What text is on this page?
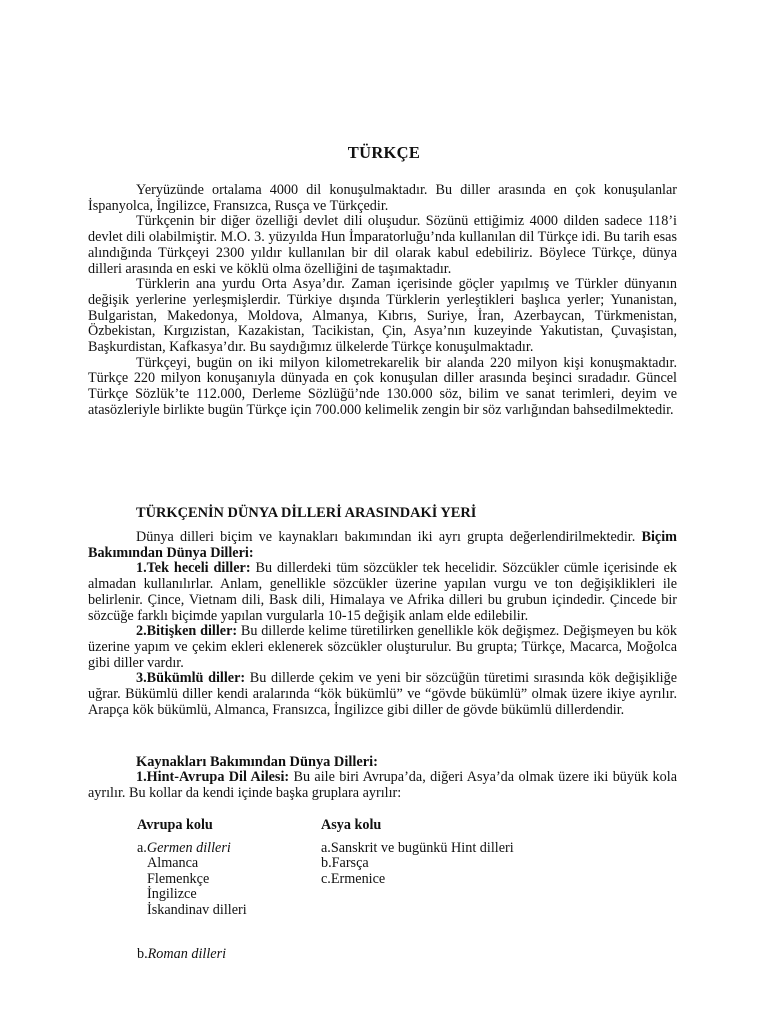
TÜRKÇE

Yeryüzünde ortalama 4000 dil konuşulmaktadır. Bu diller arasında en çok konuşulanlar İspanyolca, İngilizce, Fransızca, Rusça ve Türkçedir.

Türkçenin bir diğer özelliği devlet dili oluşudur. Sözünü ettiğimiz 4000 dilden sadece 118’i devlet dili olabilmiştir. M.O. 3. yüzyılda Hun İmparatorluğu’nda kullanılan dil Türkçe idi. Bu tarih esas alındığında Türkçeyi 2300 yıldır kullanılan bir dil olarak kabul edebiliriz. Böylece Türkçe, dünya dilleri arasında en eski ve köklü olma özelliğini de taşımaktadır.

Türklerin ana yurdu Orta Asya’dır. Zaman içerisinde göçler yapılmış ve Türkler dünyanın değişik yerlerine yerleşmişlerdir. Türkiye dışında Türklerin yerleştikleri başlıca yerler; Yunanistan, Bulgaristan, Makedonya, Moldova, Almanya, Kıbrıs, Suriye, İran, Azerbaycan, Türkmenistan, Özbekistan, Kırgızistan, Kazakistan, Tacikistan, Çin, Asya’nın kuzeyinde Yakutistan, Çuvaşistan, Başkurdistan, Kafkasya’dır. Bu saydığımız ülkelerde Türkçe konuşulmaktadır.

Türkçeyi, bugün on iki milyon kilometrekarelik bir alanda 220 milyon kişi konuşmaktadır. Türkçe 220 milyon konuşanıyla dünyada en çok konuşulan diller arasında beşinci sıradadır. Güncel Türkçe Sözlük’te 112.000, Derleme Sözlüğü’nde 130.000 söz, bilim ve sanat terimleri, deyim ve atasözleriyle birlikte bugün Türkçe için 700.000 kelimelik zengin bir söz varlığından bahsedilmektedir.

TÜRKÇENİN DÜNYA DİLLERİ ARASINDAKİ YERİ

Dünya dilleri biçim ve kaynakları bakımından iki ayrı grupta değerlendirilmektedir. Biçim Bakımından Dünya Dilleri:

1.Tek heceli diller: Bu dillerdeki tüm sözcükler tek hecelidir. Sözcükler cümle içerisinde ek almadan kullanılırlar. Anlam, genellikle sözcükler üzerine yapılan vurgu ve ton değişiklikleri ile belirlenir. Çince, Vietnam dili, Bask dili, Himalaya ve Afrika dilleri bu grubun içindedir. Çincede bir sözcüğe farklı biçimde yapılan vurgularla 10-15 değişik anlam elde edilebilir.

2.Bitişken diller: Bu dillerde kelime türetilirken genellikle kök değişmez. Değişmeyen bu kök üzerine yapım ve çekim ekleri eklenerek sözcükler oluşturulur. Bu grupta; Türkçe, Macarca, Moğolca gibi diller vardır.

3.Bükümlü diller: Bu dillerde çekim ve yeni bir sözcüğün türetimi sırasında kök değişikliğe uğrar. Bükümlü diller kendi aralarında “kök bükümlü” ve “gövde bükümlü” olmak üzere ikiye ayrılır. Arapça kök bükümlü, Almanca, Fransızca, İngilizce gibi diller de gövde bükümlü dillerdendir.

Kaynakları Bakımından Dünya Dilleri:

1.Hint-Avrupa Dil Ailesi: Bu aile biri Avrupa’da, diğeri Asya’da olmak üzere iki büyük kola ayrılır. Bu kollar da kendi içinde başka gruplara ayrılır:

Avrupa kolu
a.Germen dilleri
Almanca
Flemenkçe
İngilizce
İskandinav dilleri
Asya kolu
a.Sanskrit ve bugünkü Hint dilleri
b.Farsça
c.Ermenice
b.Roman dilleri
